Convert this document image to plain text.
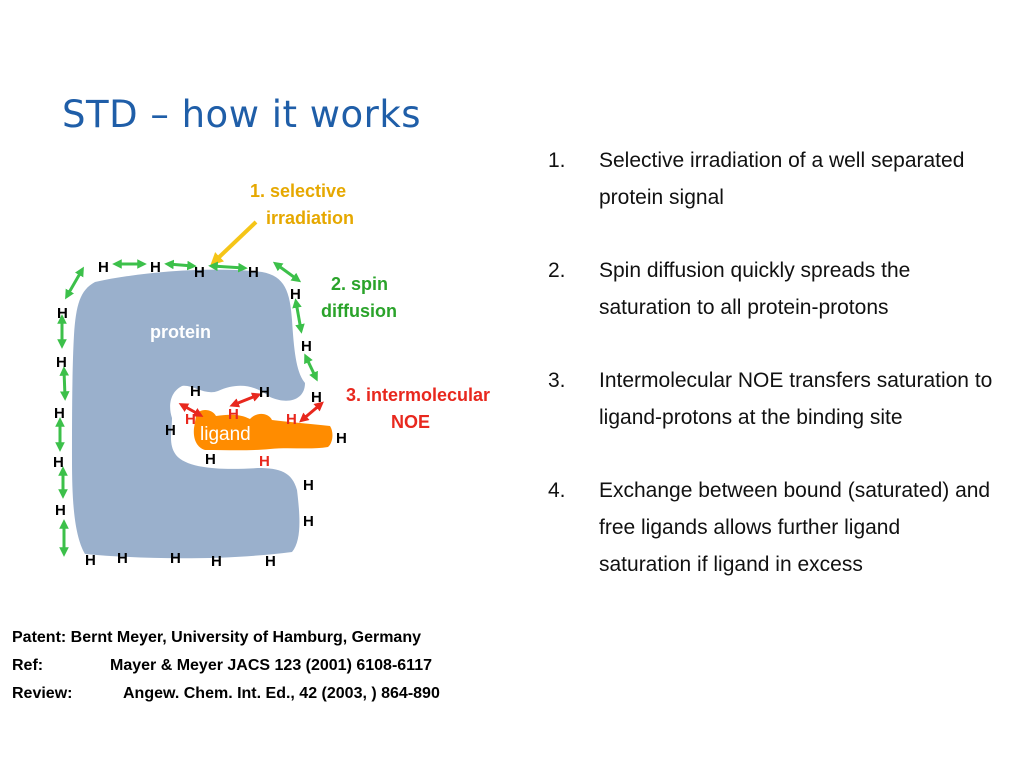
STD – how it works
protein
ligand
1. selective
irradiation
2. spin
diffusion
3. intermolecular
NOE
H	H H	H
H
H
H
H
H
H
H
H
H
H
H
H H	H H	H
H	H
H
H
H H	H
H
1. Selective irradiation of a well separated protein signal
2. Spin diffusion quickly spreads the saturation to all protein-protons
3. Intermolecular NOE transfers saturation to ligand-protons at the binding site
4. Exchange between bound (saturated) and free ligands allows further ligand saturation if ligand in excess
Patent: Bernt Meyer, University of Hamburg, Germany
Ref:	Mayer & Meyer JACS 123 (2001) 6108-6117
Review:	Angew. Chem. Int. Ed., 42 (2003, ) 864-890
